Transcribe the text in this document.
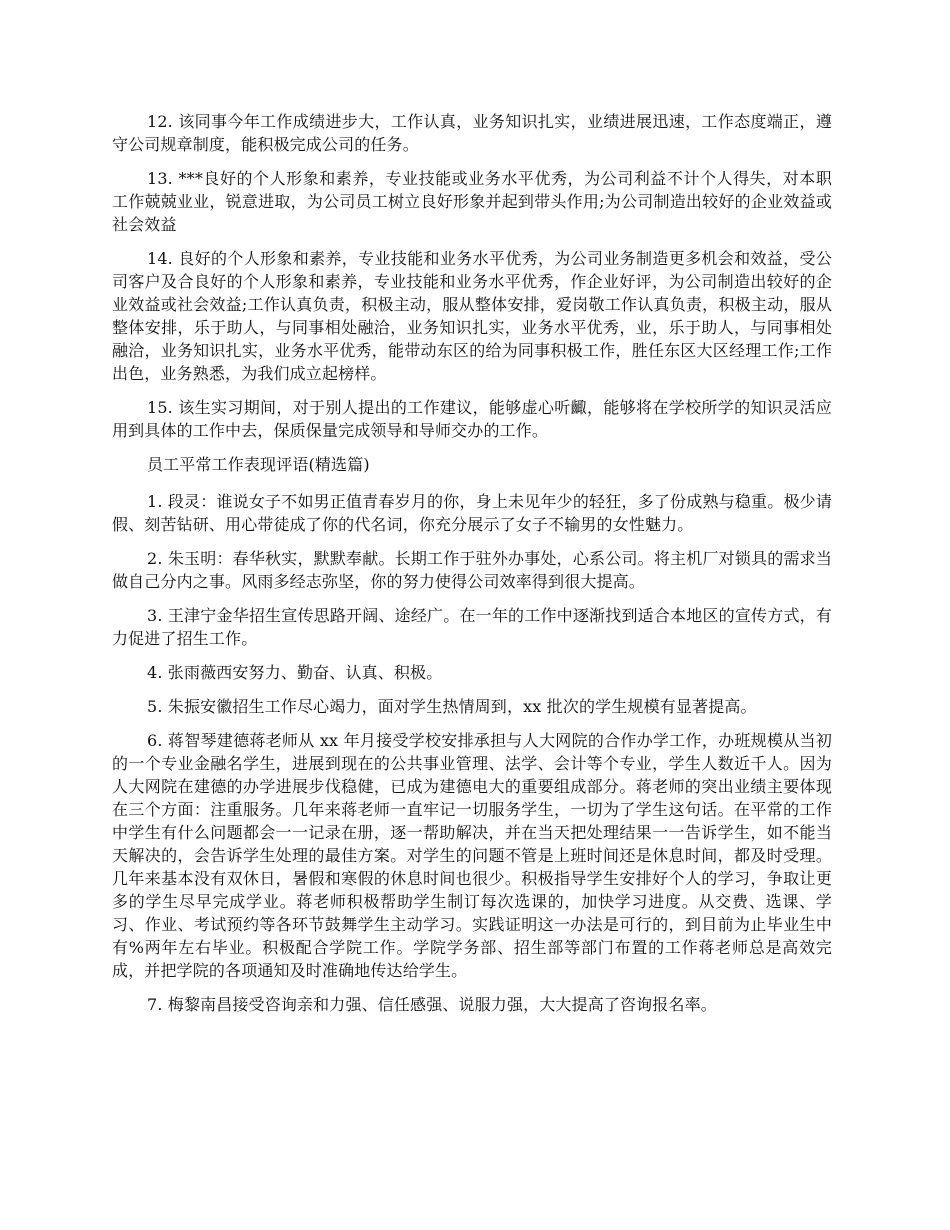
12. 该同事今年工作成绩进步大，工作认真，业务知识扎实，业绩进展迅速，工作态度端正，遵守公司规章制度，能积极完成公司的任务。

13. ***良好的个人形象和素养，专业技能或业务水平优秀，为公司利益不计个人得失，对本职工作兢兢业业，锐意进取，为公司员工树立良好形象并起到带头作用;为公司制造出较好的企业效益或社会效益

14. 良好的个人形象和素养，专业技能和业务水平优秀，为公司业务制造更多机会和效益，受公司客户及合良好的个人形象和素养，专业技能和业务水平优秀，作企业好评，为公司制造出较好的企业效益或社会效益;工作认真负责，积极主动，服从整体安排，爱岗敬工作认真负责，积极主动，服从整体安排，乐于助人，与同事相处融洽，业务知识扎实，业务水平优秀，业，乐于助人，与同事相处融洽，业务知识扎实，业务水平优秀，能带动东区的给为同事积极工作，胜任东区大区经理工作;工作出色，业务熟悉，为我们成立起榜样。

15. 该生实习期间，对于别人提出的工作建议，能够虚心听齱，能够将在学校所学的知识灵活应用到具体的工作中去，保质保量完成领导和导师交办的工作。

员工平常工作表现评语(精选篇)

1. 段灵：谁说女子不如男正值青春岁月的你，身上未见年少的轻狂，多了份成熟与稳重。极少请假、刻苦钻研、用心带徒成了你的代名词，你充分展示了女子不输男的女性魅力。

2. 朱玉明：春华秋实，默默奉献。长期工作于驻外办事处，心系公司。将主机厂对锁具的需求当做自己分内之事。风雨多经志弥坚，你的努力使得公司效率得到很大提高。

3. 王津宁金华招生宣传思路开阔、途经广。在一年的工作中逐渐找到适合本地区的宣传方式，有力促进了招生工作。

4. 张雨薇西安努力、勤奋、认真、积极。

5. 朱振安徽招生工作尽心竭力，面对学生热情周到，xx 批次的学生规模有显著提高。

6. 蒋智琴建德蒋老师从 xx 年月接受学校安排承担与人大网院的合作办学工作，办班规模从当初的一个专业金融名学生，进展到现在的公共事业管理、法学、会计等个专业，学生人数近千人。因为人大网院在建德的办学进展步伐稳健，已成为建德电大的重要组成部分。蒋老师的突出业绩主要体现在三个方面：注重服务。几年来蒋老师一直牢记一切服务学生，一切为了学生这句话。在平常的工作中学生有什么问题都会一一记录在册，逐一帮助解决，并在当天把处理结果一一告诉学生，如不能当天解决的，会告诉学生处理的最佳方案。对学生的问题不管是上班时间还是休息时间，都及时受理。几年来基本没有双休日，暑假和寒假的休息时间也很少。积极指导学生安排好个人的学习，争取让更多的学生尽早完成学业。蒋老师积极帮助学生制订每次选课的，加快学习进度。从交费、选课、学习、作业、考试预约等各环节鼓舞学生主动学习。实践证明这一办法是可行的，到目前为止毕业生中有%两年左右毕业。积极配合学院工作。学院学务部、招生部等部门布置的工作蒋老师总是高效完成，并把学院的各项通知及时准确地传达给学生。

7. 梅黎南昌接受咨询亲和力强、信任感强、说服力强，大大提高了咨询报名率。
